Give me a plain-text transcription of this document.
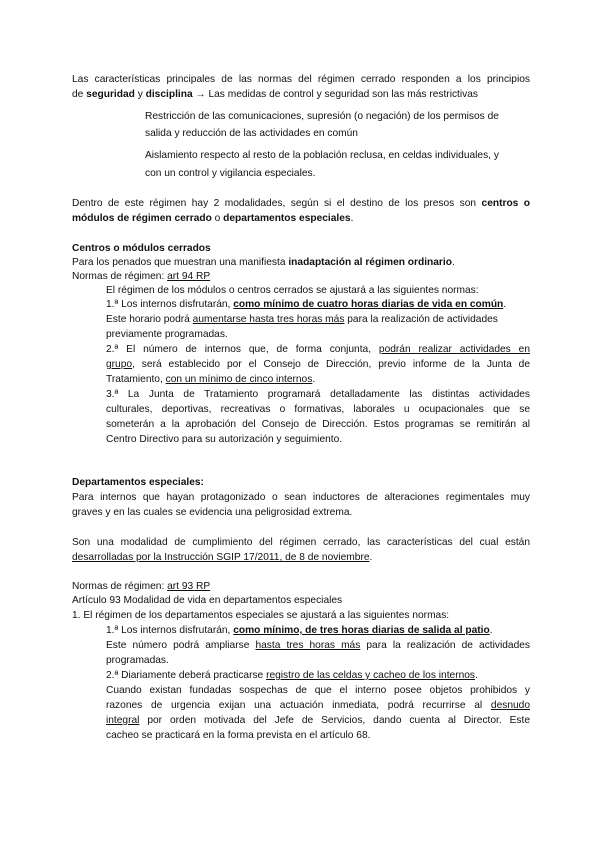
Las características principales de las normas del régimen cerrado responden a los principios
de seguridad y disciplina → Las medidas de control y seguridad son las más restrictivas
Restricción de las comunicaciones, supresión (o negación) de los permisos de
salida y reducción de las actividades en común
Aislamiento respecto al resto de la población reclusa, en celdas individuales, y
con un control y vigilancia especiales.
Dentro de este régimen hay 2 modalidades, según si el destino de los presos son centros o
módulos de régimen cerrado o departamentos especiales.
Centros o módulos cerrados
Para los penados que muestran una manifiesta inadaptación al régimen ordinario.
Normas de régimen: art 94 RP
El régimen de los módulos o centros cerrados se ajustará a las siguientes normas:
1.ª Los internos disfrutarán, como mínimo de cuatro horas diarias de vida en común.
Este horario podrá aumentarse hasta tres horas más para la realización de actividades
previamente programadas.
2.ª El número de internos que, de forma conjunta, podrán realizar actividades en
grupo, será establecido por el Consejo de Dirección, previo informe de la Junta de
Tratamiento, con un mínimo de cinco internos.
3.ª La Junta de Tratamiento programará detalladamente las distintas actividades
culturales, deportivas, recreativas o formativas, laborales u ocupacionales que se
someterán a la aprobación del Consejo de Dirección. Estos programas se remitirán al
Centro Directivo para su autorización y seguimiento.
Departamentos especiales:
Para internos que hayan protagonizado o sean inductores de alteraciones regimentales muy
graves y en las cuales se evidencia una peligrosidad extrema.
Son una modalidad de cumplimiento del régimen cerrado, las características del cual están
desarrolladas por la Instrucción SGIP 17/2011, de 8 de noviembre.
Normas de régimen: art 93 RP
Artículo 93 Modalidad de vida en departamentos especiales
1. El régimen de los departamentos especiales se ajustará a las siguientes normas:
1.ª Los internos disfrutarán, como mínimo, de tres horas diarias de salida al patio.
Este número podrá ampliarse hasta tres horas más para la realización de actividades
programadas.
2.ª Diariamente deberá practicarse registro de las celdas y cacheo de los internos.
Cuando existan fundadas sospechas de que el interno posee objetos prohibidos y
razones de urgencia exijan una actuación inmediata, podrá recurrirse al desnudo
integral por orden motivada del Jefe de Servicios, dando cuenta al Director. Este
cacheo se practicará en la forma prevista en el artículo 68.
